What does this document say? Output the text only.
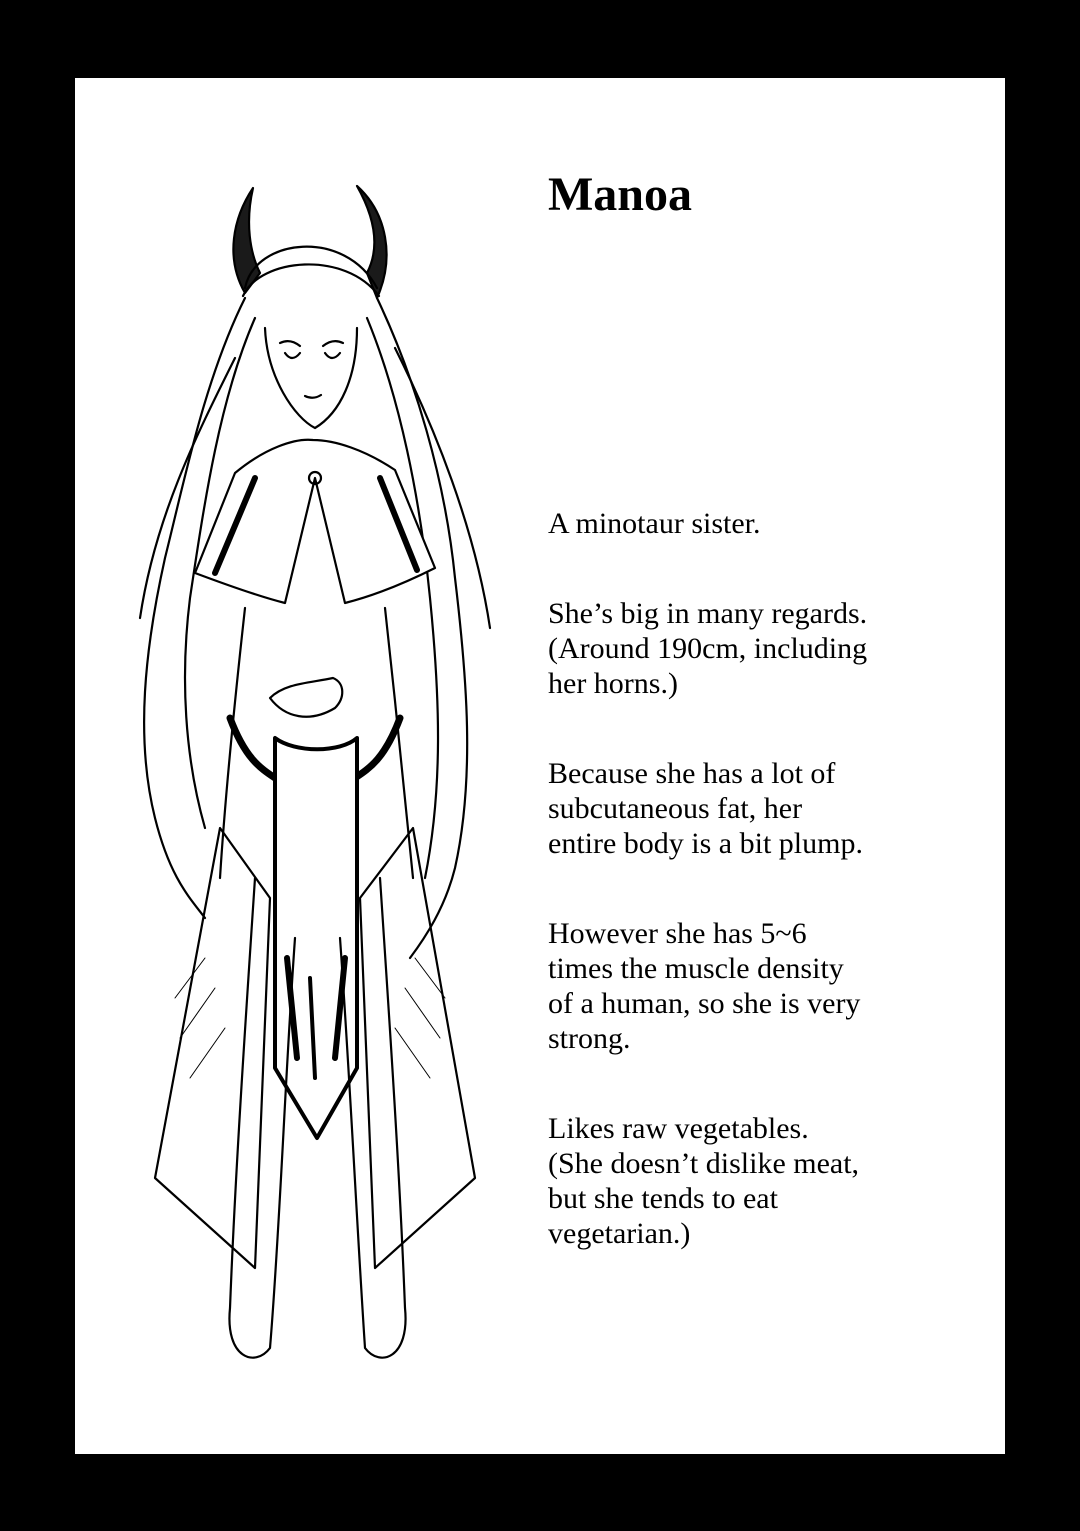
Manoa

A minotaur sister.

She’s big in many regards.
(Around 190cm, including
her horns.)

Because she has a lot of
subcutaneous fat, her
entire body is a bit plump.

However she has 5~6
times the muscle density
of a human, so she is very
strong.

Likes raw vegetables.
(She doesn’t dislike meat,
but she tends to eat
vegetarian.)
